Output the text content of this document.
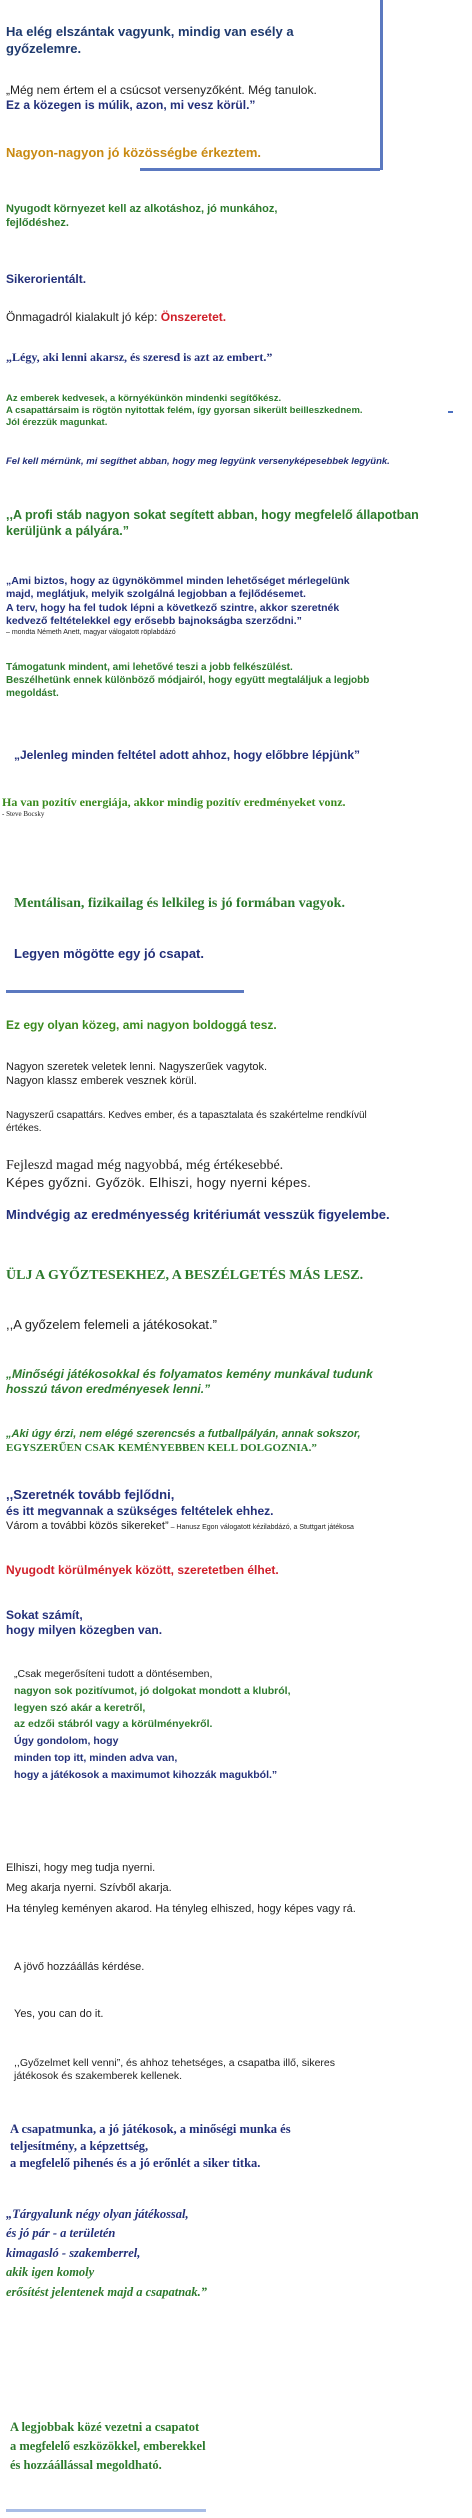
Ha elég elszántak vagyunk, mindig van esély a
győzelemre.
„Még nem értem el a csúcsot versenyzőként. Még tanulok.
Ez a közegen is múlik, azon, mi vesz körül.”
Nagyon-nagyon jó közösségbe érkeztem.
Nyugodt környezet kell az alkotáshoz, jó munkához,
fejlődéshez.
Sikerorientált.
Önmagadról kialakult jó kép: Önszeretet.
„Légy, aki lenni akarsz, és szeresd is azt az embert.”
Az emberek kedvesek, a környékünkön mindenki segítőkész.
A csapattársaim is rögtön nyitottak felém, így gyorsan sikerült beilleszkednem.
Jól érezzük magunkat.
Fel kell mérnünk, mi segíthet abban, hogy meg legyünk versenyképesebbek legyünk.
,,A profi stáb nagyon sokat segített abban, hogy megfelelő állapotban
kerüljünk a pályára.”
„Ami biztos, hogy az ügynökömmel minden lehetőséget mérlegelünk
majd, meglátjuk, melyik szolgálná legjobban a fejlődésemet.
A terv, hogy ha fel tudok lépni a következő szintre, akkor szeretnék
kedvező feltételekkel egy erősebb bajnokságba szerződni.”
– mondta Németh Anett, magyar válogatott röplabdázó
Támogatunk mindent, ami lehetővé teszi a jobb felkészülést.
Beszélhetünk ennek különböző módjairól, hogy együtt megtaláljuk a legjobb
megoldást.
„Jelenleg minden feltétel adott ahhoz, hogy előbbre lépjünk”
Ha van pozitív energiája, akkor mindig pozitív eredményeket vonz.
- Steve Bocsky
Mentálisan, fizikailag és lelkileg is jó formában vagyok.
Legyen mögötte egy jó csapat.
Ez egy olyan közeg, ami nagyon boldoggá tesz.
Nagyon szeretek veletek lenni. Nagyszerűek vagytok.
Nagyon klassz emberek vesznek körül.
Nagyszerű csapattárs. Kedves ember, és a tapasztalata és szakértelme rendkívül
értékes.
Fejleszd magad még nagyobbá, még értékesebbé.
Képes győzni. Győzök. Elhiszi, hogy nyerni képes.
Mindvégig az eredményesség kritériumát vesszük figyelembe.
ÜLJ A GYŐZTESEKHEZ, A BESZÉLGETÉS MÁS LESZ.
,,A győzelem felemeli a játékosokat.”
„Minőségi játékosokkal és folyamatos kemény munkával tudunk
hosszú távon eredményesek lenni.”
„Aki úgy érzi, nem elégé szerencsés a futballpályán, annak sokszor,
EGYSZERŰEN CSAK KEMÉNYEBBEN KELL DOLGOZNIA.”
,,Szeretnék tovább fejlődni,
és itt megvannak a szükséges feltételek ehhez.
Várom a további közös sikereket” – Hanusz Egon válogatott kézilabdázó, a Stuttgart játékosa
Nyugodt körülmények között, szeretetben élhet.
Sokat számít,
hogy milyen közegben van.
„Csak megerősíteni tudott a döntésemben,
nagyon sok pozitívumot, jó dolgokat mondott a klubról,
legyen szó akár a keretről,
az edzői stábról vagy a körülményekről.
Úgy gondolom, hogy
minden top itt, minden adva van,
hogy a játékosok a maximumot kihozzák magukból.”
Elhiszi, hogy meg tudja nyerni.
Meg akarja nyerni. Szívből akarja.
Ha tényleg keményen akarod. Ha tényleg elhiszed, hogy képes vagy rá.
A jövő hozzáállás kérdése.
Yes, you can do it.
,,Győzelmet kell venni”, és ahhoz tehetséges, a csapatba illő, sikeres
játékosok és szakemberek kellenek.
A csapatmunka, a jó játékosok, a minőségi munka és
teljesítmény, a képzettség,
a megfelelő pihenés és a jó erőnlét a siker titka.
„Tárgyalunk négy olyan játékossal,
és jó pár - a területén
kimagasló - szakemberrel,
akik igen komoly
erősítést jelentenek majd a csapatnak.”
A legjobbak közé vezetni a csapatot
a megfelelő eszközökkel, emberekkel
és hozzáállással megoldható.
